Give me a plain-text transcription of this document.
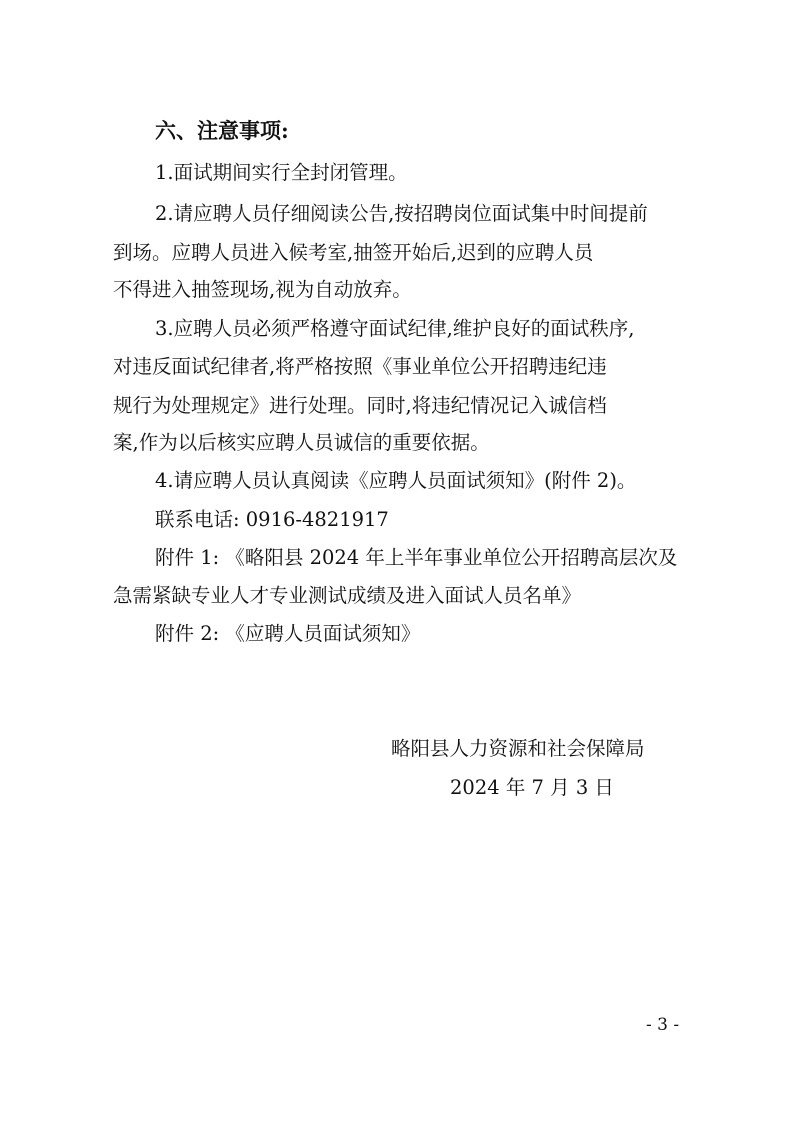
六、注意事项:
1.面试期间实行全封闭管理。
2.请应聘人员仔细阅读公告,按招聘岗位面试集中时间提前
到场。应聘人员进入候考室,抽签开始后,迟到的应聘人员
不得进入抽签现场,视为自动放弃。
3.应聘人员必须严格遵守面试纪律,维护良好的面试秩序,
对违反面试纪律者,将严格按照《事业单位公开招聘违纪违
规行为处理规定》进行处理。同时,将违纪情况记入诚信档
案,作为以后核实应聘人员诚信的重要依据。
4.请应聘人员认真阅读《应聘人员面试须知》(附件 2)。
联系电话: 0916-4821917
附件 1: 《略阳县 2024 年上半年事业单位公开招聘高层次及
急需紧缺专业人才专业测试成绩及进入面试人员名单》
附件 2: 《应聘人员面试须知》
略阳县人力资源和社会保障局
2024 年 7 月 3 日
- 3 -
